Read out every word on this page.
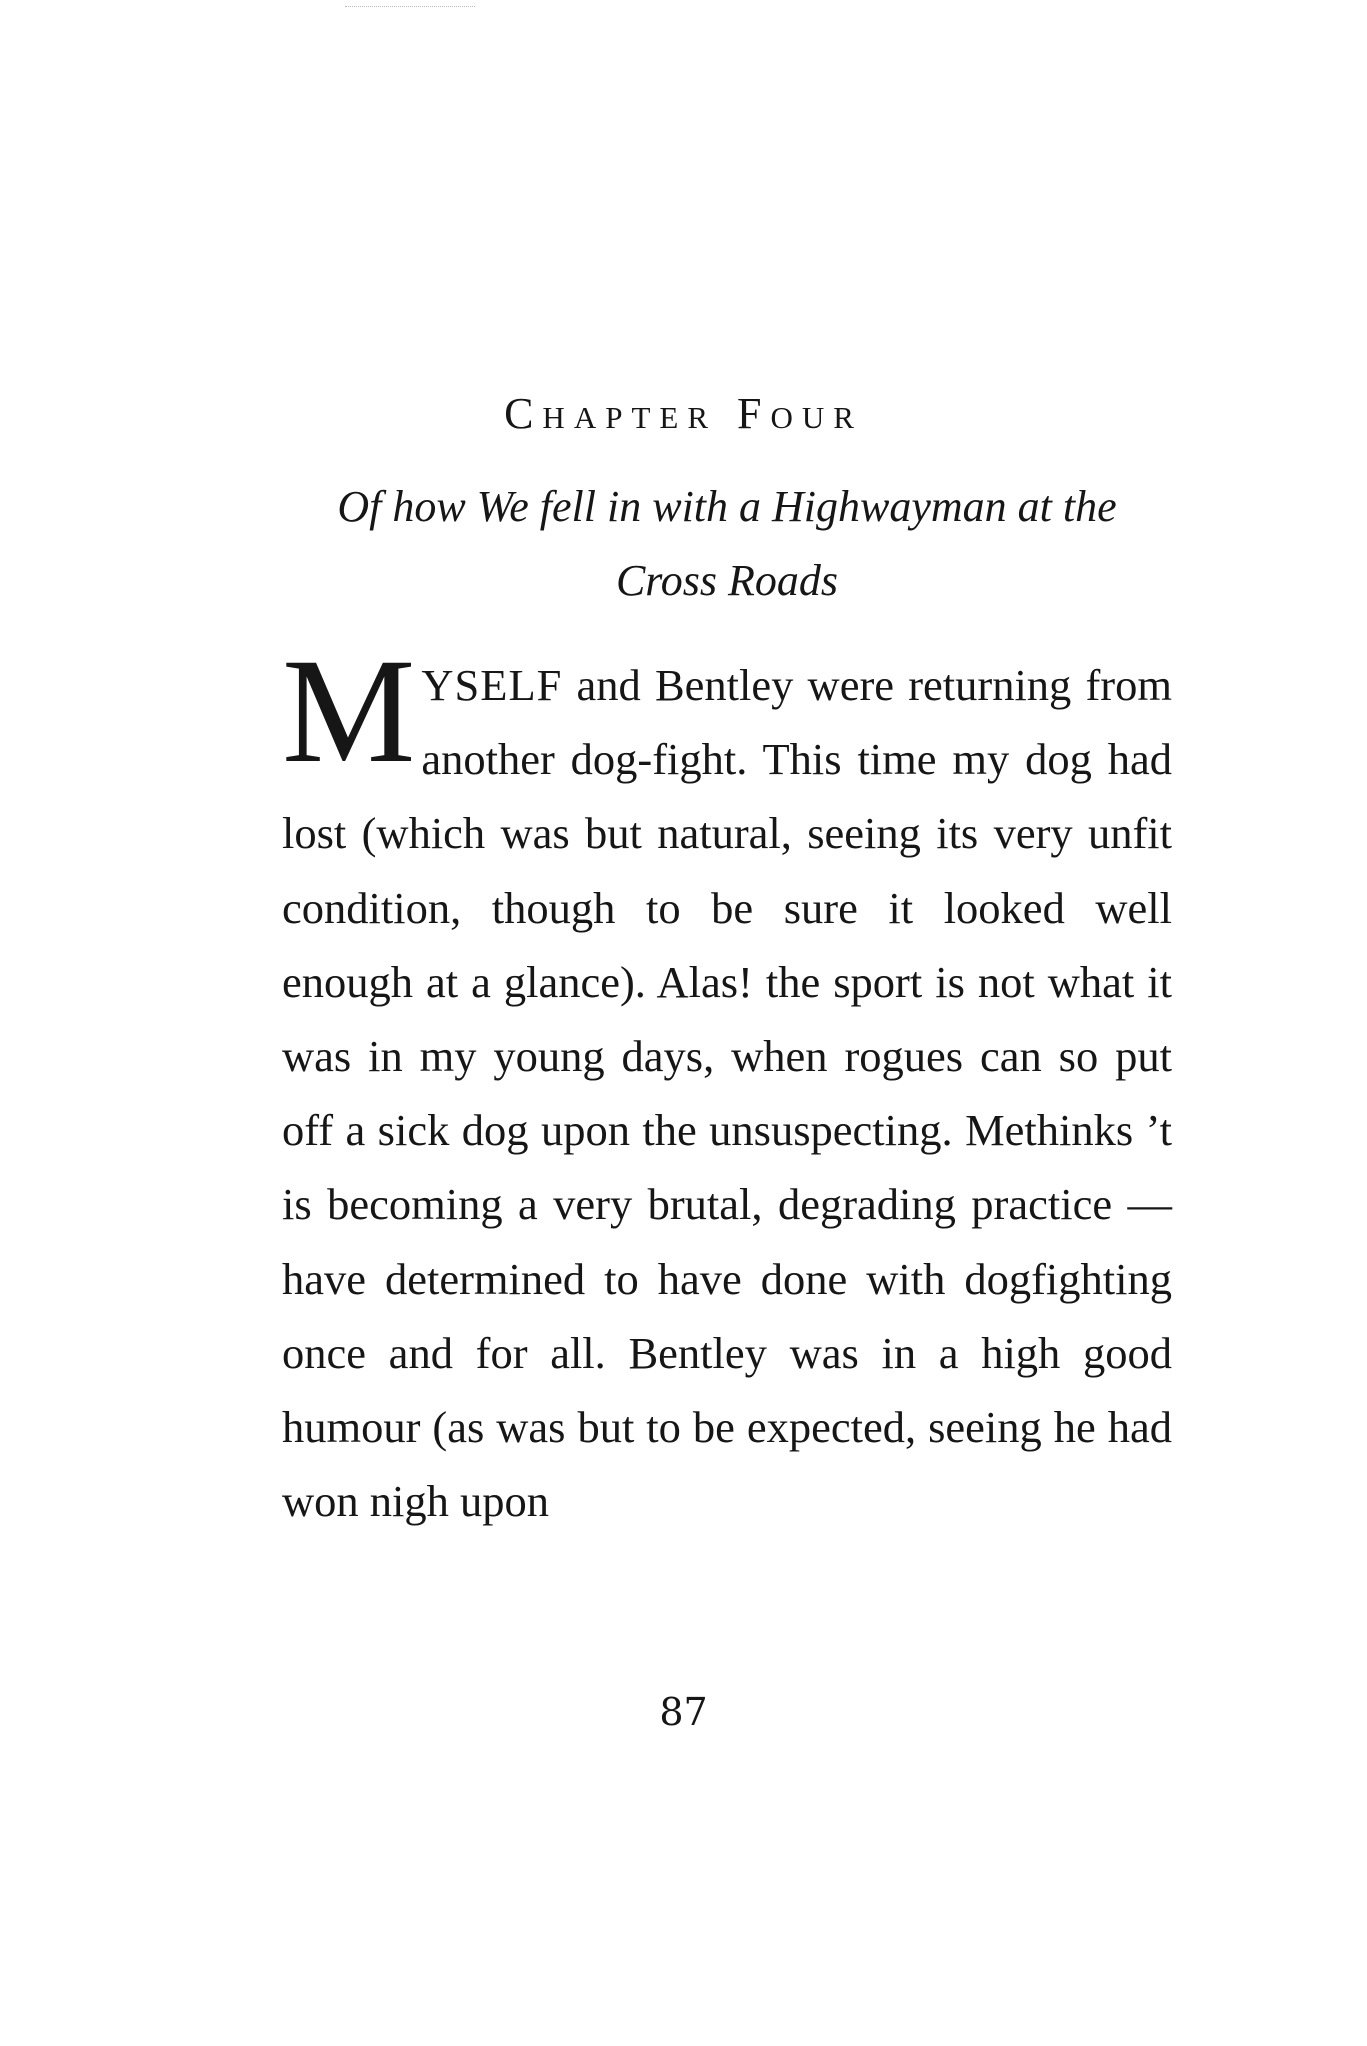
Chapter Four
Of how We fell in with a Highwayman at the Cross Roads
MYSELF and Bentley were returning from another dog-fight. This time my dog had lost (which was but natural, seeing its very unfit condition, though to be sure it looked well enough at a glance). Alas! the sport is not what it was in my young days, when rogues can so put off a sick dog upon the unsuspecting. Methinks ’t is becoming a very brutal, degrading practice — have determined to have done with dogfighting once and for all. Bentley was in a high good humour (as was but to be expected, seeing he had won nigh upon
87
